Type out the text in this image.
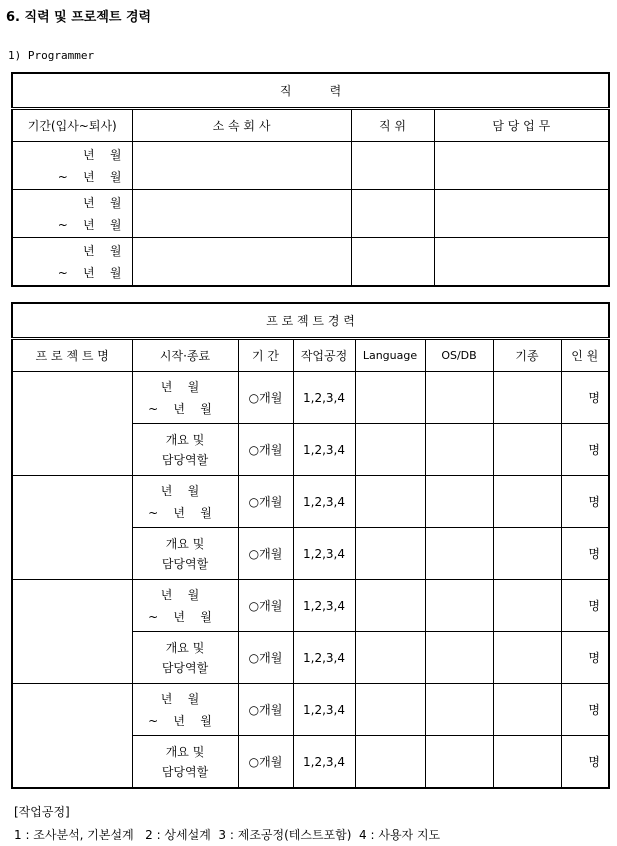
6. 직력 및 프로젝트 경력
1) Programmer
직          력			
기간(입사~퇴사)	소 속 회 사	직 위	담 당 업 무

년    월
~    년    월			

년    월
~    년    월			

년    월
~    년    월			

프 로 젝 트 경 력							
프 로 젝 트 명	시작·종료	기 간	작업공정	Language	OS/DB	기종	인 원

	년    월
~    년    월	○개월	1,2,3,4				명

	개요 및
담당역할	○개월	1,2,3,4				명

	년    월
~    년    월	○개월	1,2,3,4				명

	개요 및
담당역할	○개월	1,2,3,4				명

	년    월
~    년    월	○개월	1,2,3,4				명

	개요 및
담당역할	○개월	1,2,3,4				명

	년    월
~    년    월	○개월	1,2,3,4				명

	개요 및
담당역할	○개월	1,2,3,4				명
[작업공정]
1 : 조사분석, 기본설계   2 : 상세설계  3 : 제조공정(테스트포함)  4 : 사용자 지도
